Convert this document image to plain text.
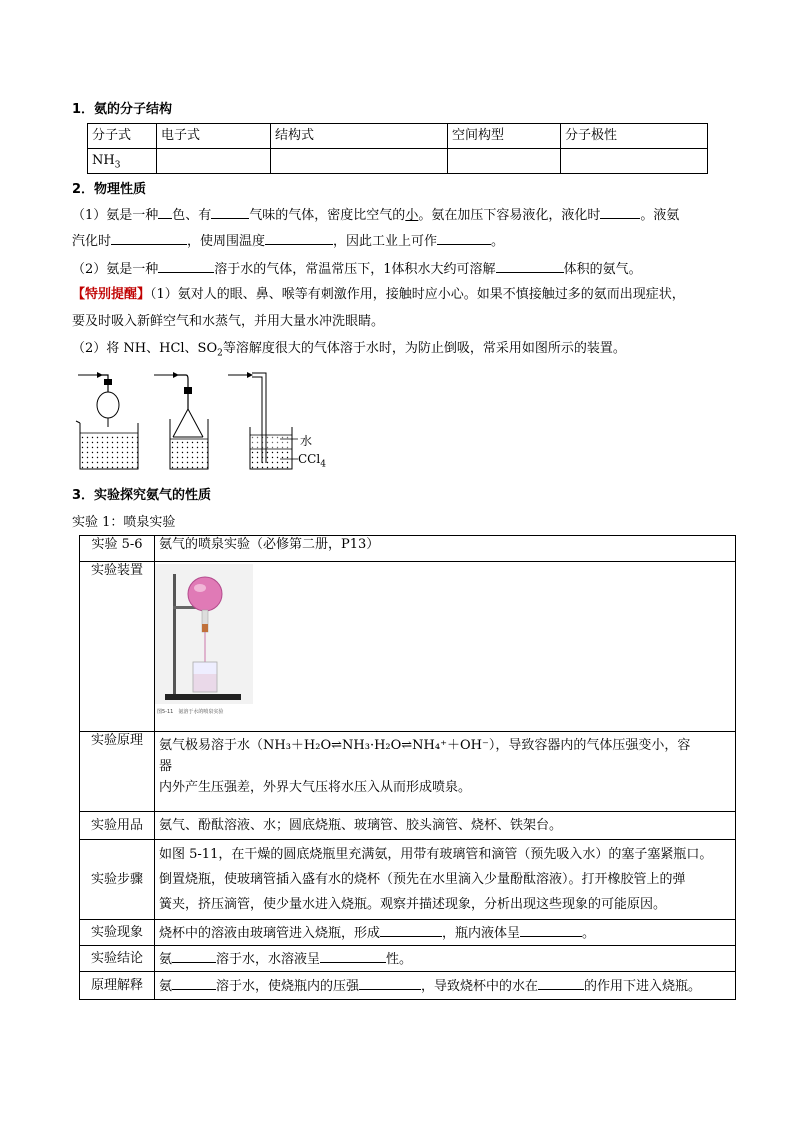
1．氨的分子结构
分子式	电子式	结构式	空间构型	分子极性
$NH_3$				
2．物理性质
（1）氨是一种 色、有	气味的气体，密度比空气的小。氨在加压下容易液化，液化时	。液氨
汽化时	，使周围温度	，因此工业上可作	。
（2）氨是一种	溶于水的气体，常温常压下，1体积水大约可溶解	体积的氨气。
【特别提醒】（1）氨对人的眼、鼻、喉等有刺激作用，接触时应小心。如果不慎接触过多的氨而出现症状，
要及时吸入新鲜空气和水蒸气，并用大量水冲洗眼睛。
（2）将 NH、HCl、$SO_2$等溶解度很大的气体溶于水时，为防止倒吸，常采用如图所示的装置。
水
CCl$_4$
3．实验探究氨气的性质
实验 1：喷泉实验
实验 5-6	氨气的喷泉实验（必修第二册，P13）
实验装置	图5-11　氨溶于水的喷泉实验

实验原理	氨气极易溶于水（NH₃＋H₂O⇌NH₃·H₂O⇌NH₄⁺＋OH⁻），导致容器内的气体压强变小，容
器
内外产生压强差，外界大气压将水压入从而形成喷泉。

实验用品	氨气、酚酞溶液、水；圆底烧瓶、玻璃管、胶头滴管、烧杯、铁架台。
实验步骤	如图 5-11，在干燥的圆底烧瓶里充满氨，用带有玻璃管和滴管（预先吸入水）的塞子塞紧瓶口。
倒置烧瓶，使玻璃管插入盛有水的烧杯（预先在水里滴入少量酚酞溶液）。打开橡胶管上的弹
簧夹，挤压滴管，使少量水进入烧瓶。观察并描述现象，分析出现这些现象的可能原因。

实验现象	烧杯中的溶液由玻璃管进入烧瓶，形成 ，瓶内液体呈 。
实验结论	氨 溶于水，水溶液呈 性。
原理解释	氨 溶于水，使烧瓶内的压强 ，导致烧杯中的水在 的作用下进入烧瓶。
